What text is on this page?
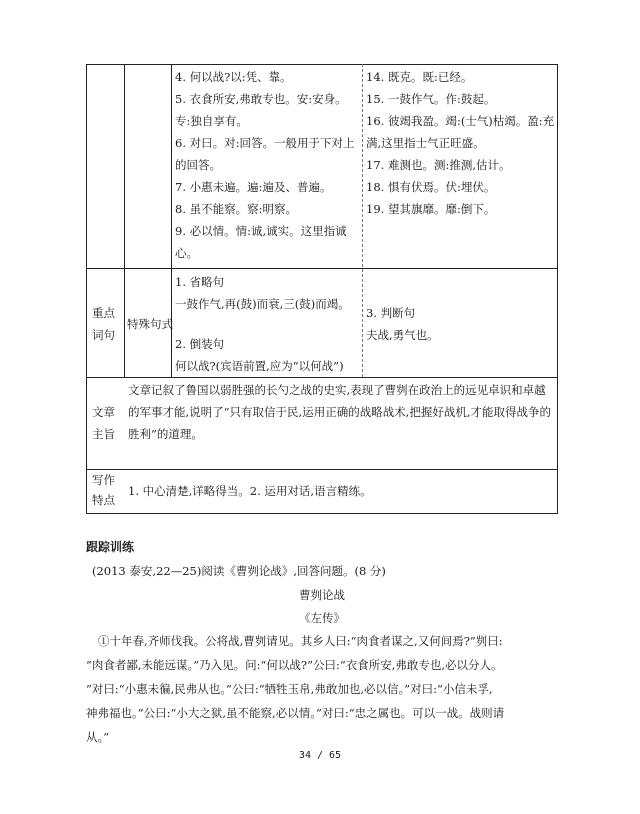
4. 何以战?以:凭、靠。
5. 衣食所安,弗敢专也。安:安身。
专:独自享有。
6. 对曰。对:回答。一般用于下对上
的回答。
7. 小惠未遍。遍:遍及、普遍。
8. 虽不能察。察:明察。
9. 必以情。情:诚,诚实。这里指诚
心。
14. 既克。既:已经。
15. 一鼓作气。作:鼓起。
16. 彼竭我盈。竭:(士气)枯竭。盈:充
满,这里指士气正旺盛。
17. 难测也。测:推测,估计。
18. 惧有伏焉。伏:埋伏。
19. 望其旗靡。靡:倒下。
重点
词句
特殊句式
1. 省略句
一鼓作气,再(鼓)而衰,三(鼓)而竭。
2. 倒装句
何以战?(宾语前置,应为“以何战”)
3. 判断句
夫战,勇气也。
文章
主旨
文章记叙了鲁国以弱胜强的长勺之战的史实,表现了曹刿在政治上的远见卓识和卓越的军事才能,说明了“只有取信于民,运用正确的战略战术,把握好战机,才能取得战争的胜利”的道理。
写作
特点
1. 中心清楚,详略得当。2. 运用对话,语言精练。
跟踪训练
(2013 泰安,22—25)阅读《曹刿论战》,回答问题。(8 分)
曹刿论战
《左传》
①十年春,齐师伐我。公将战,曹刿请见。其乡人曰:“肉食者谋之,又何间焉?”刿曰:
“肉食者鄙,未能远谋。”乃入见。问:“何以战?”公曰:“衣食所安,弗敢专也,必以分人。
”对曰:“小惠未徧,民弗从也。”公曰:“牺牲玉帛,弗敢加也,必以信。”对曰:“小信未孚,
神弗福也。”公曰:“小大之狱,虽不能察,必以情。”对曰:“忠之属也。可以一战。战则请
从。”
34 / 65
